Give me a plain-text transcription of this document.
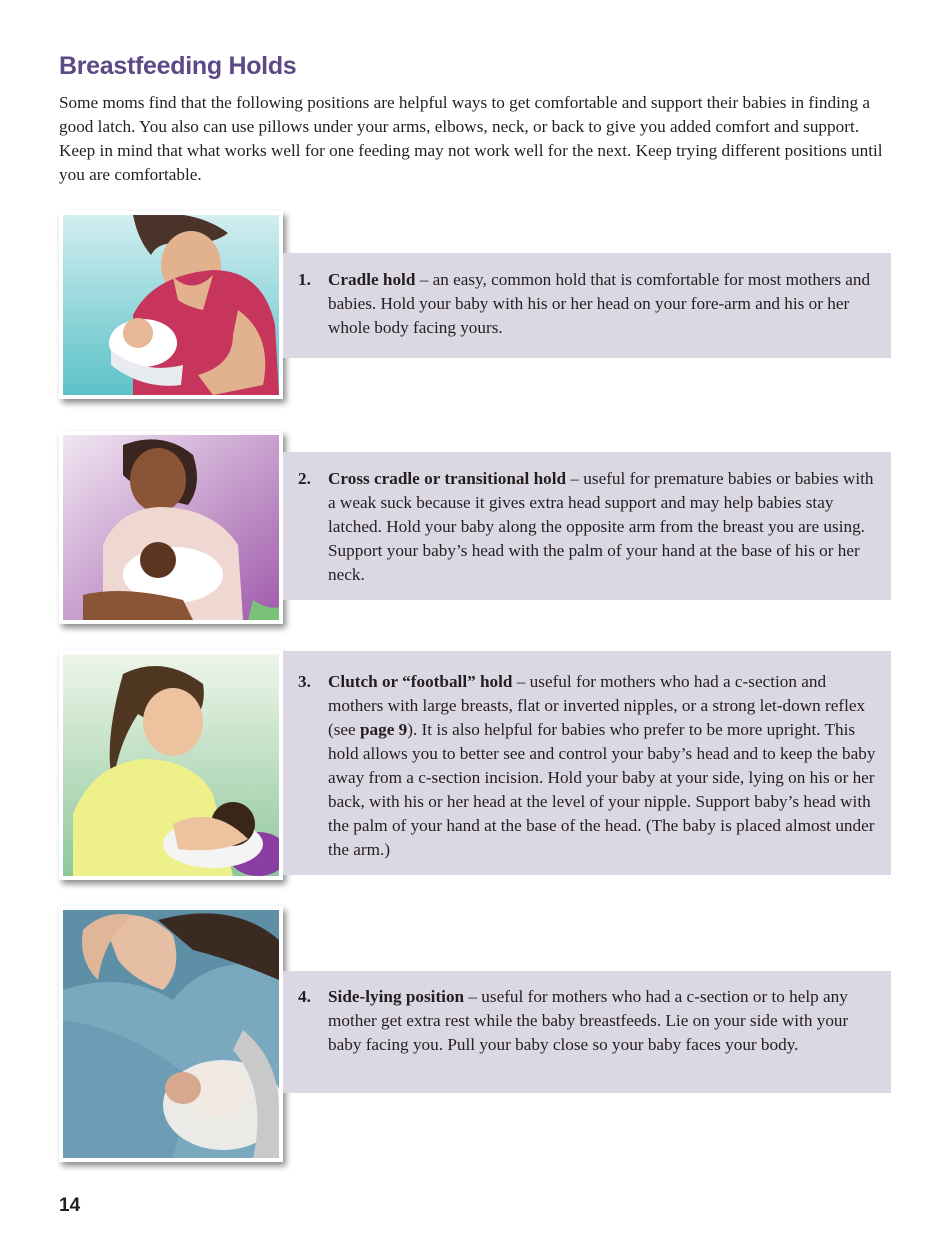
Breastfeeding Holds

Some moms find that the following positions are helpful ways to get comfortable and support their babies in finding a good latch. You also can use pillows under your arms, elbows, neck, or back to give you added comfort and support. Keep in mind that what works well for one feeding may not work well for the next. Keep trying different positions until you are comfortable.

1. Cradle hold – an easy, common hold that is comfortable for most mothers and babies. Hold your baby with his or her head on your fore-arm and his or her whole body facing yours.
2. Cross cradle or transitional hold – useful for premature babies or babies with a weak suck because it gives extra head support and may help babies stay latched. Hold your baby along the opposite arm from the breast you are using. Support your baby’s head with the palm of your hand at the base of his or her neck.
3. Clutch or “football” hold – useful for mothers who had a c-section and mothers with large breasts, flat or inverted nipples, or a strong let-down reflex (see page 9). It is also helpful for babies who prefer to be more upright. This hold allows you to better see and control your baby’s head and to keep the baby away from a c-section incision. Hold your baby at your side, lying on his or her back, with his or her head at the level of your nipple. Support baby’s head with the palm of your hand at the base of the head. (The baby is placed almost under the arm.)
4. Side-lying position – useful for mothers who had a c-section or to help any mother get extra rest while the baby breastfeeds. Lie on your side with your baby facing you. Pull your baby close so your baby faces your body.
14
